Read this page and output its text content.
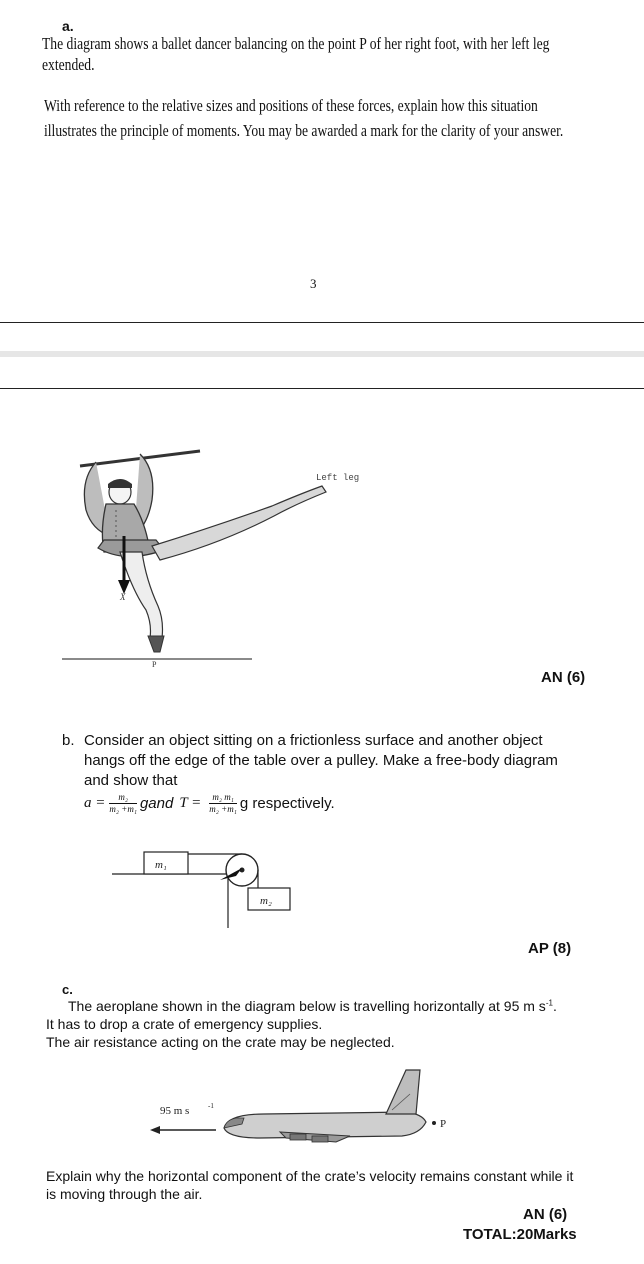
a.
The diagram shows a ballet dancer balancing on the point P of her right foot, with her left leg
extended.
With reference to the relative sizes and positions of these forces, explain how this situation
illustrates the principle of moments. You may be awarded a mark for the clarity of your answer.
3
X
P
Left leg
AN (6)
b. Consider an object sitting on a frictionless surface and another object
hangs off the edge of the table over a pulley. Make a free-body diagram
and show that
$a = \frac{\text{m₂}}{\text{m₂ +m₁}}$ gand $T = \frac{\text{m₂ m₁}}{\text{m₂ +m₁}}$ g respectively.
m₁
m₂
AP (8)
c.
The aeroplane shown in the diagram below is travelling horizontally at 95 m $s^{-1}$.
It has to drop a crate of emergency supplies.
The air resistance acting on the crate may be neglected.
95 m s	-1
P
Explain why the horizontal component of the crate’s velocity remains constant while it
is moving through the air.
AN (6)
TOTAL:20Marks
